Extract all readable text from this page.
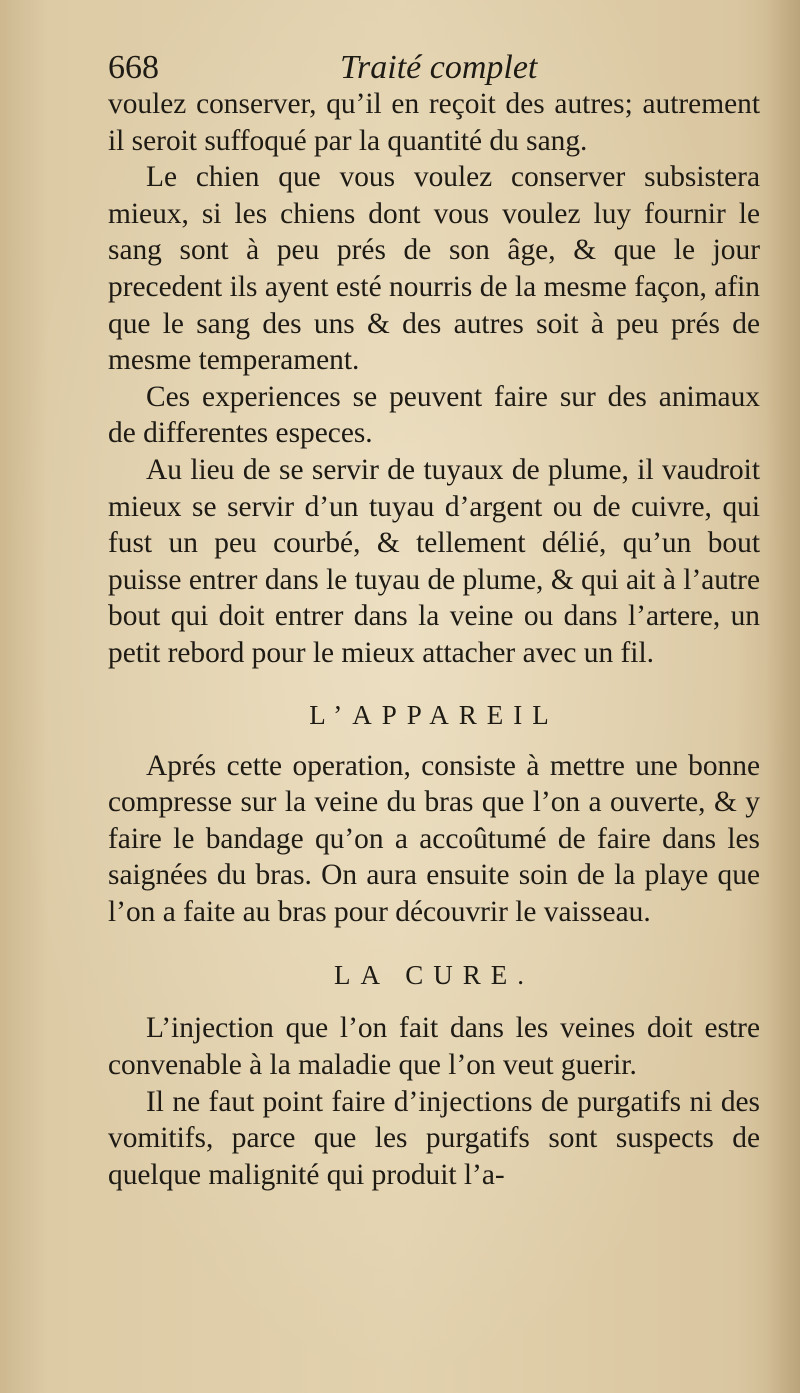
668	Traité complet

voulez conserver, qu’il en reçoit des autres; autrement il seroit suffoqué par la quantité du sang.

Le chien que vous voulez conserver subsistera mieux, si les chiens dont vous voulez luy fournir le sang sont à peu prés de son âge, & que le jour precedent ils ayent esté nourris de la mesme façon, afin que le sang des uns & des autres soit à peu prés de mesme temperament.

Ces experiences se peuvent faire sur des animaux de differentes especes.

Au lieu de se servir de tuyaux de plume, il vaudroit mieux se servir d’un tuyau d’argent ou de cuivre, qui fust un peu courbé, & tellement délié, qu’un bout puisse entrer dans le tuyau de plume, & qui ait à l’autre bout qui doit entrer dans la veine ou dans l’artere, un petit rebord pour le mieux attacher avec un fil.

L’APPAREIL

Aprés cette operation, consiste à mettre une bonne compresse sur la veine du bras que l’on a ouverte, & y faire le bandage qu’on a accoûtumé de faire dans les saignées du bras. On aura ensuite soin de la playe que l’on a faite au bras pour découvrir le vaisseau.

LA CURE.

L’injection que l’on fait dans les veines doit estre convenable à la maladie que l’on veut guerir.

Il ne faut point faire d’injections de purgatifs ni des vomitifs, parce que les purgatifs sont suspects de quelque malignité qui produit l’a-
